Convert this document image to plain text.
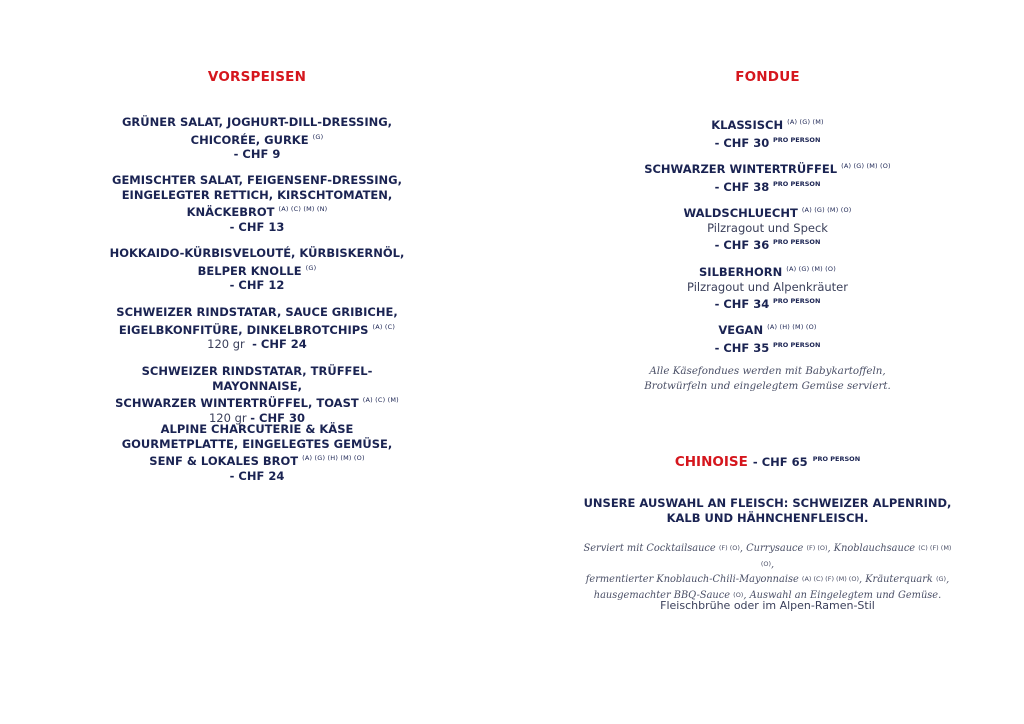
VORSPEISEN
GRÜNER SALAT, JOGHURT-DILL-DRESSING,
CHICORÉE, GURKE $^{(G)}$
- CHF 9
GEMISCHTER SALAT, FEIGENSENF-DRESSING,
EINGELEGTER RETTICH, KIRSCHTOMATEN,
KNÄCKEBROT $^{(A) (C) (M) (N)}$
- CHF 13
HOKKAIDO-KÜRBISVELOUTÉ, KÜRBISKERNÖL,
BELPER KNOLLE $^{(G)}$
- CHF 12
SCHWEIZER RINDSTATAR, SAUCE GRIBICHE,
EIGELBKONFITÜRE, DINKELBROTCHIPS $^{(A) (C)}$
120 gr - CHF 24
SCHWEIZER RINDSTATAR, TRÜFFEL-MAYONNAISE,
SCHWARZER WINTERTRÜFFEL, TOAST $^{(A) (C) (M)}$
120 gr - CHF 30
ALPINE CHARCUTERIE & KÄSE
GOURMETPLATTE, EINGELEGTES GEMÜSE,
SENF & LOKALES BROT $^{(A) (G) (H) (M) (O)}$
- CHF 24
FONDUE
KLASSISCH $^{(A) (G) (M)}$
- CHF 30 $^{PRO PERSON}$
SCHWARZER WINTERTRÜFFEL $^{(A) (G) (M) (O)}$
- CHF 38 $^{PRO PERSON}$
WALDSCHLUECHT $^{(A) (G) (M) (O)}$
Pilzragout und Speck
- CHF 36 $^{PRO PERSON}$
SILBERHORN $^{(A) (G) (M) (O)}$
Pilzragout und Alpenkräuter
- CHF 34 $^{PRO PERSON}$
VEGAN $^{(A) (H) (M) (O)}$
- CHF 35 $^{PRO PERSON}$
Alle Käsefondues werden mit Babykartoffeln,
Brotwürfeln und eingelegtem Gemüse serviert.
CHINOISE - CHF 65 $^{PRO PERSON}$
UNSERE AUSWAHL AN FLEISCH: SCHWEIZER ALPENRIND,
KALB UND HÄHNCHENFLEISCH.
Serviert mit Cocktailsauce (F) (O), Currysauce (F) (O), Knoblauchsauce (C) (F) (M) (O),
fermentierter Knoblauch-Chili-Mayonnaise (A) (C) (F) (M) (O), Kräuterquark (G),
hausgemachter BBQ-Sauce (O), Auswahl an Eingelegtem und Gemüse.
Fleischbrühe oder im Alpen-Ramen-Stil
